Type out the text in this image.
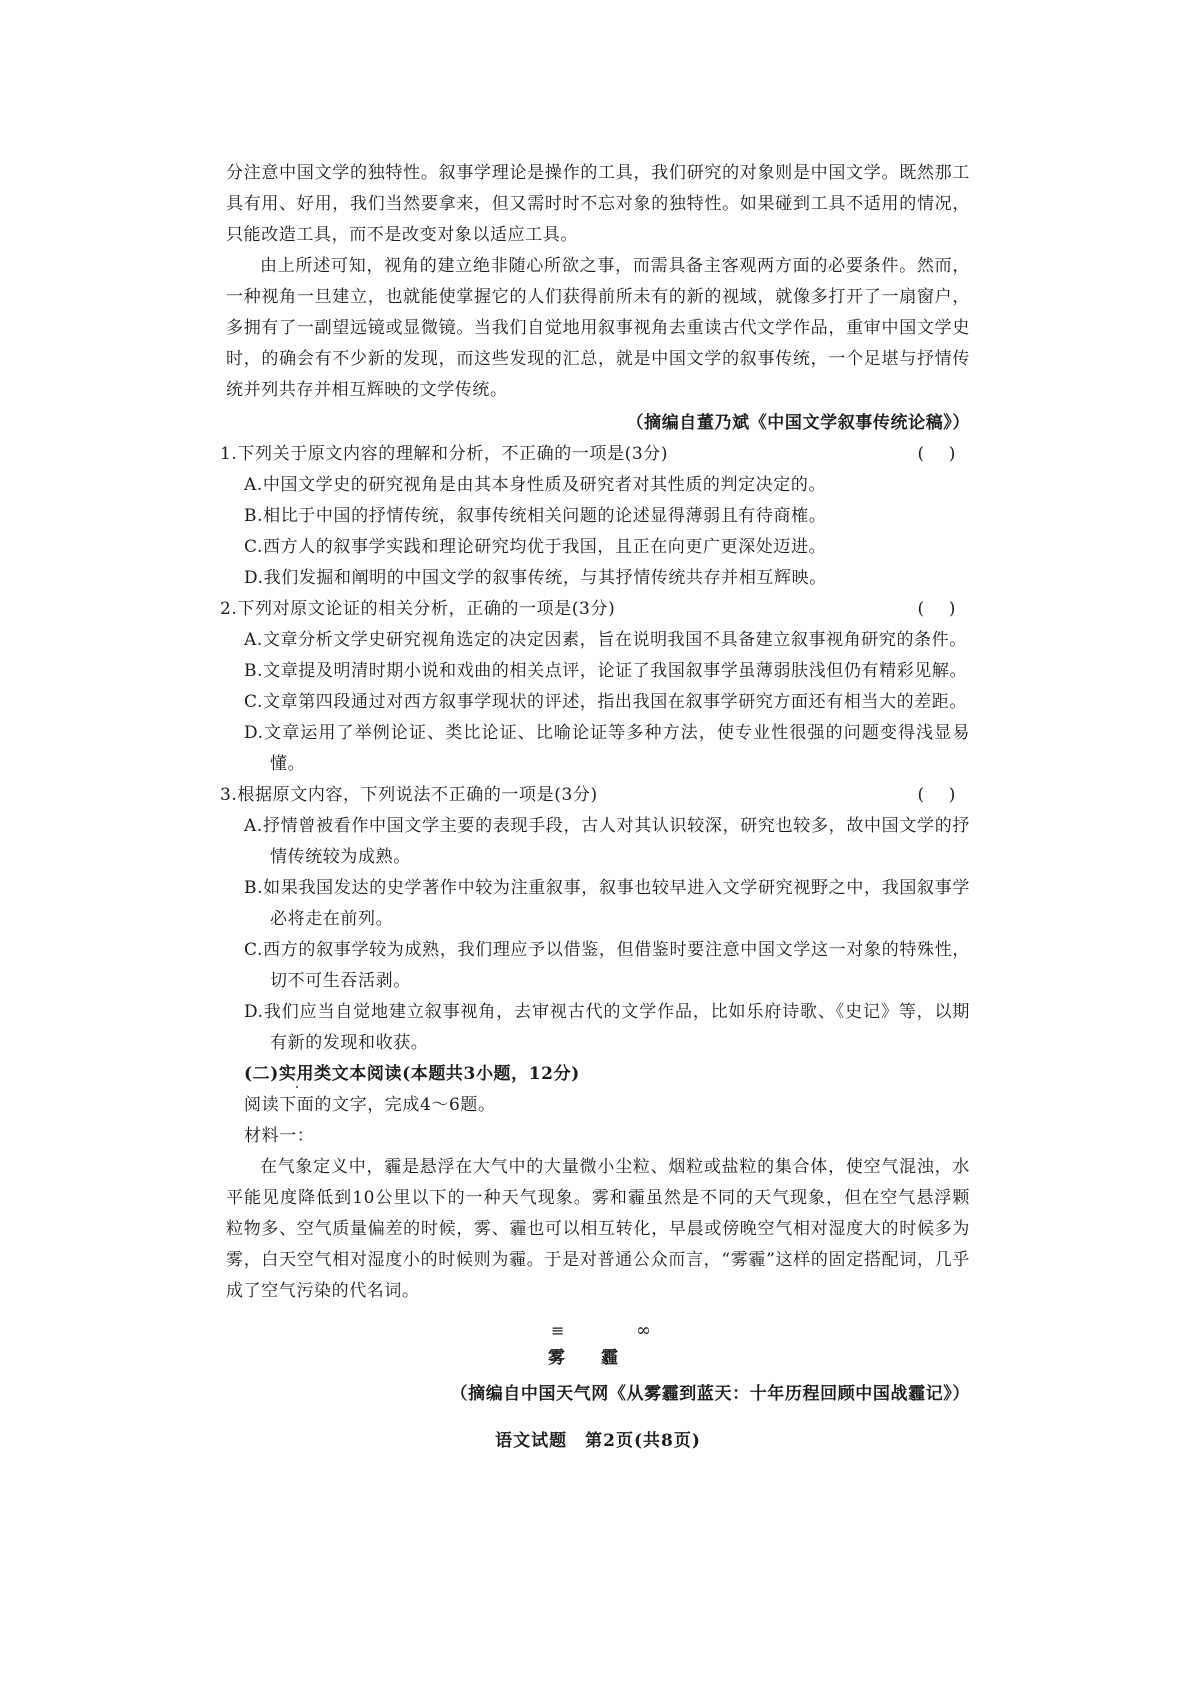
分注意中国文学的独特性。叙事学理论是操作的工具，我们研究的对象则是中国文学。既然那工具有用、好用，我们当然要拿来，但又需时时不忘对象的独特性。如果碰到工具不适用的情况，只能改造工具，而不是改变对象以适应工具。

由上所述可知，视角的建立绝非随心所欲之事，而需具备主客观两方面的必要条件。然而，一种视角一旦建立，也就能使掌握它的人们获得前所未有的新的视域，就像多打开了一扇窗户，多拥有了一副望远镜或显微镜。当我们自觉地用叙事视角去重读古代文学作品，重审中国文学史时，的确会有不少新的发现，而这些发现的汇总，就是中国文学的叙事传统，一个足堪与抒情传统并列共存并相互辉映的文学传统。

（摘编自董乃斌《中国文学叙事传统论稿》）

1.下列关于原文内容的理解和分析，不正确的一项是(3分)	(    )

A.中国文学史的研究视角是由其本身性质及研究者对其性质的判定决定的。

B.相比于中国的抒情传统，叙事传统相关问题的论述显得薄弱且有待商榷。

C.西方人的叙事学实践和理论研究均优于我国，且正在向更广更深处迈进。

D.我们发掘和阐明的中国文学的叙事传统，与其抒情传统共存并相互辉映。

2.下列对原文论证的相关分析，正确的一项是(3分)	(    )

A.文章分析文学史研究视角选定的决定因素，旨在说明我国不具备建立叙事视角研究的条件。

B.文章提及明清时期小说和戏曲的相关点评，论证了我国叙事学虽薄弱肤浅但仍有精彩见解。

C.文章第四段通过对西方叙事学现状的评述，指出我国在叙事学研究方面还有相当大的差距。

D.文章运用了举例论证、类比论证、比喻论证等多种方法，使专业性很强的问题变得浅显易懂。

3.根据原文内容，下列说法不正确的一项是(3分)	(    )

A.抒情曾被看作中国文学主要的表现手段，古人对其认识较深，研究也较多，故中国文学的抒情传统较为成熟。

B.如果我国发达的史学著作中较为注重叙事，叙事也较早进入文学研究视野之中，我国叙事学必将走在前列。

C.西方的叙事学较为成熟，我们理应予以借鉴，但借鉴时要注意中国文学这一对象的特殊性，切不可生吞活剥。

D.我们应当自觉地建立叙事视角，去审视古代的文学作品，比如乐府诗歌、《史记》等，以期有新的发现和收获。

(二)实用类文本阅读(本题共3小题，12分)

阅读下面的文字，完成4～6题。

材料一：

在气象定义中，霾是悬浮在大气中的大量微小尘粒、烟粒或盐粒的集合体，使空气混浊，水平能见度降低到10公里以下的一种天气现象。雾和霾虽然是不同的天气现象，但在空气悬浮颗粒物多、空气质量偏差的时候，雾、霾也可以相互转化，早晨或傍晚空气相对湿度大的时候多为雾，白天空气相对湿度小的时候则为霾。于是对普通公众而言，“雾霾”这样的固定搭配词，几乎成了空气污染的代名词。

≡	∞
雾霾

（摘编自中国天气网《从雾霾到蓝天：十年历程回顾中国战霾记》）

语文试题　第2页(共8页)
